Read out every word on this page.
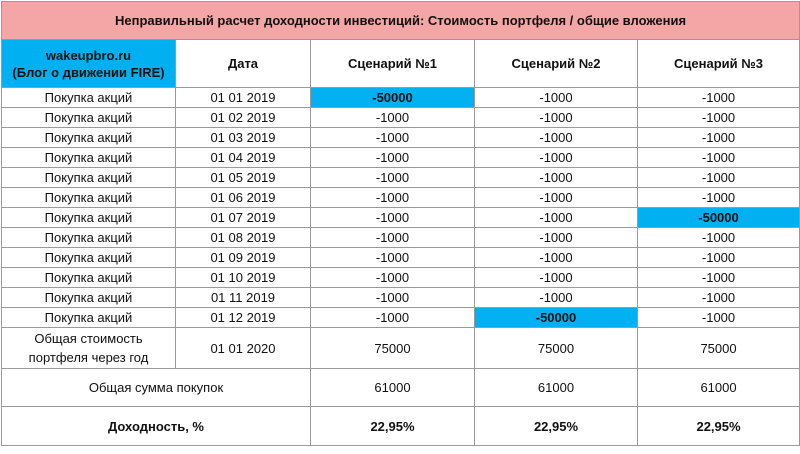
Неправильный расчет доходности инвестиций: Стоимость портфеля / общие вложения				
wakeupbro.ru
(Блог о движении FIRE)	Дата	Сценарий №1	Сценарий №2	Сценарий №3
Покупка акций	01 01 2019	-50000	-1000	-1000
Покупка акций	01 02 2019	-1000	-1000	-1000
Покупка акций	01 03 2019	-1000	-1000	-1000
Покупка акций	01 04 2019	-1000	-1000	-1000
Покупка акций	01 05 2019	-1000	-1000	-1000
Покупка акций	01 06 2019	-1000	-1000	-1000
Покупка акций	01 07 2019	-1000	-1000	-50000
Покупка акций	01 08 2019	-1000	-1000	-1000
Покупка акций	01 09 2019	-1000	-1000	-1000
Покупка акций	01 10 2019	-1000	-1000	-1000
Покупка акций	01 11 2019	-1000	-1000	-1000
Покупка акций	01 12 2019	-1000	-50000	-1000
Общая стоимость
портфеля через год	01 01 2020	75000	75000	75000
Общая сумма покупок		61000	61000	61000
Доходность, %		22,95%	22,95%	22,95%
